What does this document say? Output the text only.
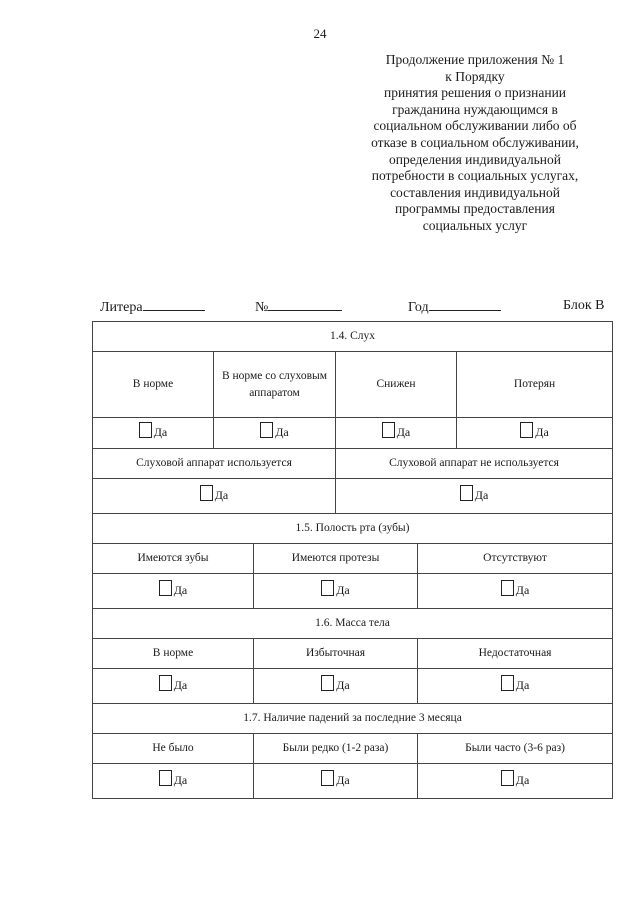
24
Продолжение приложения № 1
к Порядку
принятия решения о признании
гражданина нуждающимся в
социальном обслуживании либо об
отказе в социальном обслуживании,
определения индивидуальной
потребности в социальных услугах,
составления индивидуальной
программы предоставления
социальных услуг
Литера	№	Год	Блок В
1.4. Слух					
В норме	В норме со слуховым аппаратом		Снижен		Потерян

Да	Да		Да		Да

Слуховой аппарат используется			Слуховой аппарат не используется		

Да			Да		

1.5. Полость рта (зубы)					
Имеются зубы		Имеются протезы		Отсутствуют	

Да		Да		Да	

1.6. Масса тела					
В норме		Избыточная		Недостаточная	

Да		Да		Да	

1.7. Наличие падений за последние 3 месяца					
Не было		Были редко (1-2 раза)		Были часто (3-6 раз)	

Да		Да		Да	
